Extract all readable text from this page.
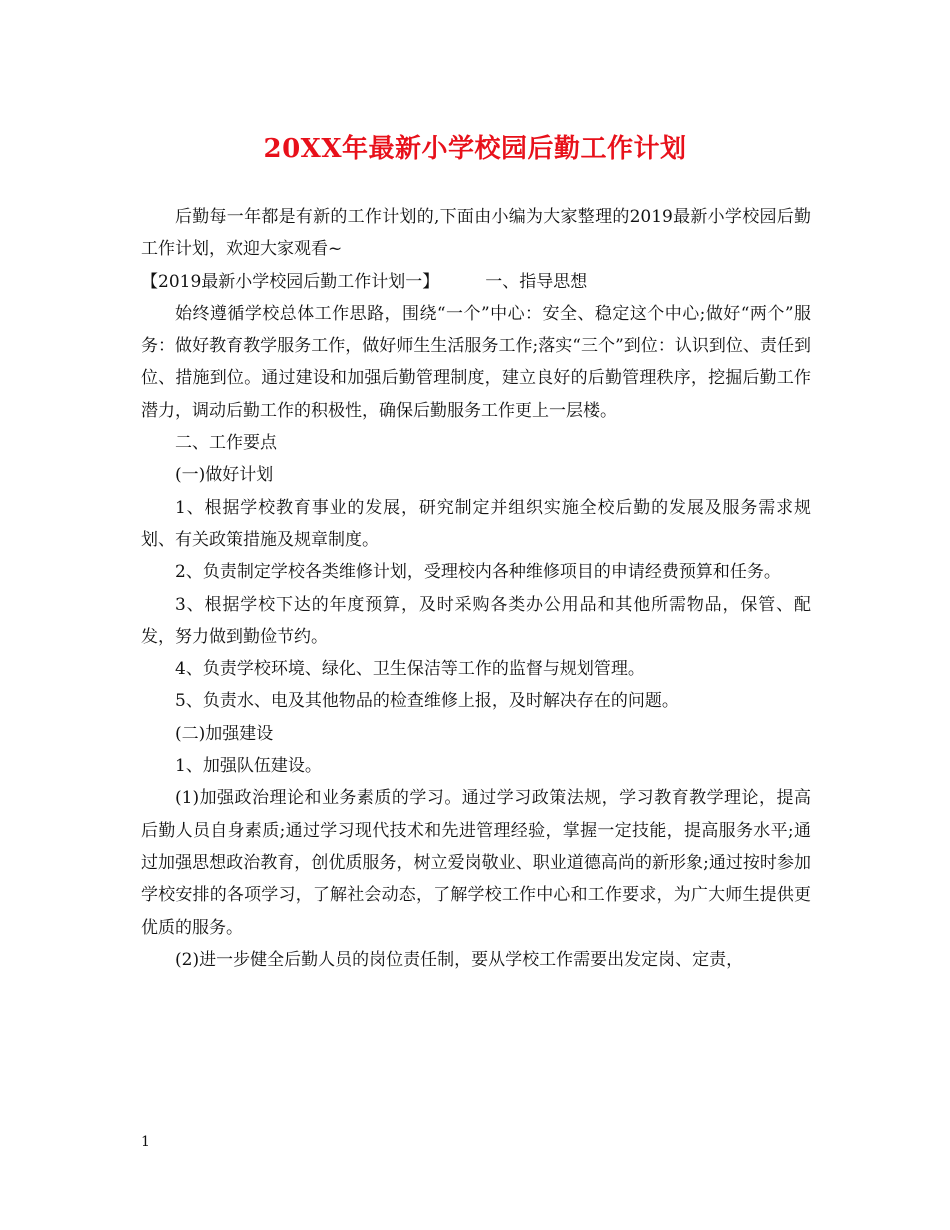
20XX年最新小学校园后勤工作计划

后勤每一年都是有新的工作计划的,下面由小编为大家整理的2019最新小学校园后勤工作计划，欢迎大家观看~

【2019最新小学校园后勤工作计划一】	一、指导思想

始终遵循学校总体工作思路，围绕“一个”中心：安全、稳定这个中心;做好“两个”服务：做好教育教学服务工作，做好师生生活服务工作;落实“三个”到位：认识到位、责任到位、措施到位。通过建设和加强后勤管理制度，建立良好的后勤管理秩序，挖掘后勤工作潜力，调动后勤工作的积极性，确保后勤服务工作更上一层楼。

二、工作要点

(一)做好计划

1、根据学校教育事业的发展，研究制定并组织实施全校后勤的发展及服务需求规划、有关政策措施及规章制度。

2、负责制定学校各类维修计划，受理校内各种维修项目的申请经费预算和任务。

3、根据学校下达的年度预算，及时采购各类办公用品和其他所需物品，保管、配发，努力做到勤俭节约。

4、负责学校环境、绿化、卫生保洁等工作的监督与规划管理。

5、负责水、电及其他物品的检查维修上报，及时解决存在的问题。

(二)加强建设

1、加强队伍建设。

(1)加强政治理论和业务素质的学习。通过学习政策法规，学习教育教学理论，提高后勤人员自身素质;通过学习现代技术和先进管理经验，掌握一定技能，提高服务水平;通过加强思想政治教育，创优质服务，树立爱岗敬业、职业道德高尚的新形象;通过按时参加学校安排的各项学习，了解社会动态，了解学校工作中心和工作要求，为广大师生提供更优质的服务。

(2)进一步健全后勤人员的岗位责任制，要从学校工作需要出发定岗、定责，

1
